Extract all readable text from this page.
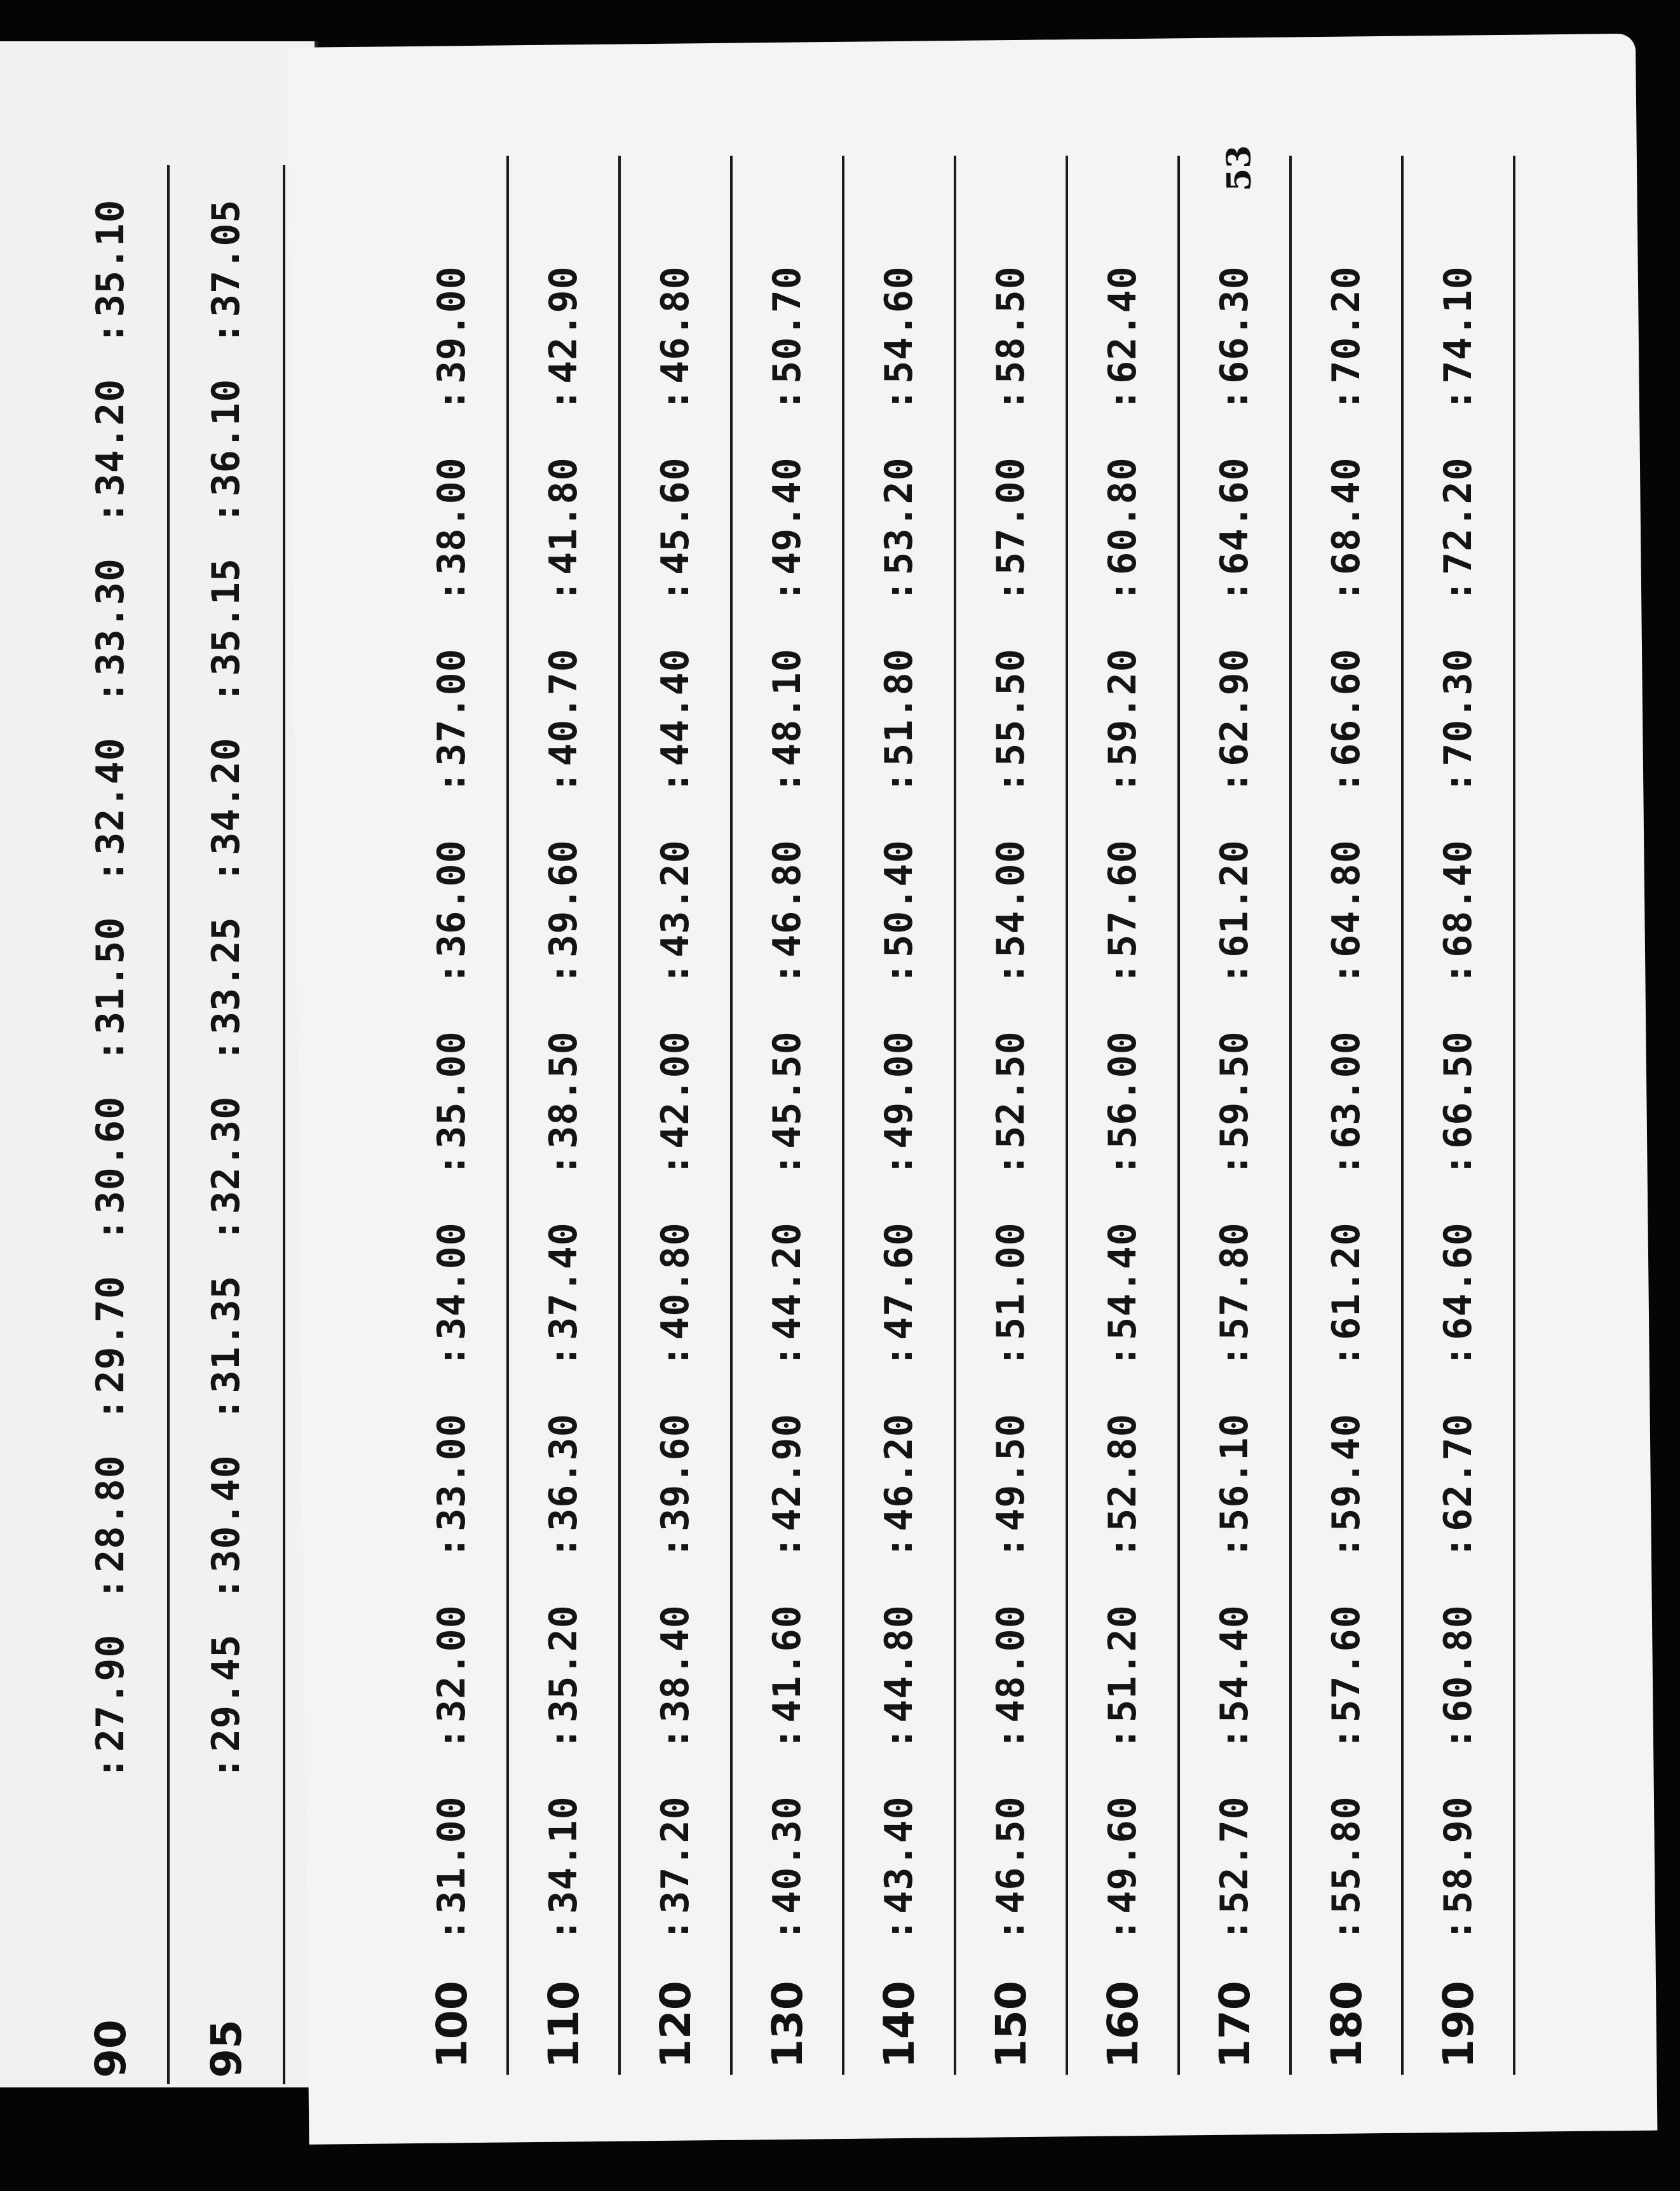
90
: 27.90
: 28.80
: 29.70
: 30.60
: 31.50
: 32.40
: 33.30
: 34.20
: 35.10
95
: 29.45
: 30.40
: 31.35
: 32.30
: 33.25
: 34.20
: 35.15
: 36.10
: 37.05
53
100
: 31.00
: 32.00
: 33.00
: 34.00
: 35.00
: 36.00
: 37.00
: 38.00
: 39.00
110
: 34.10
: 35.20
: 36.30
: 37.40
: 38.50
: 39.60
: 40.70
: 41.80
: 42.90
120
: 37.20
: 38.40
: 39.60
: 40.80
: 42.00
: 43.20
: 44.40
: 45.60
: 46.80
130
: 40.30
: 41.60
: 42.90
: 44.20
: 45.50
: 46.80
: 48.10
: 49.40
: 50.70
140
: 43.40
: 44.80
: 46.20
: 47.60
: 49.00
: 50.40
: 51.80
: 53.20
: 54.60
150
: 46.50
: 48.00
: 49.50
: 51.00
: 52.50
: 54.00
: 55.50
: 57.00
: 58.50
160
: 49.60
: 51.20
: 52.80
: 54.40
: 56.00
: 57.60
: 59.20
: 60.80
: 62.40
170
: 52.70
: 54.40
: 56.10
: 57.80
: 59.50
: 61.20
: 62.90
: 64.60
: 66.30
180
: 55.80
: 57.60
: 59.40
: 61.20
: 63.00
: 64.80
: 66.60
: 68.40
: 70.20
190
: 58.90
: 60.80
: 62.70
: 64.60
: 66.50
: 68.40
: 70.30
: 72.20
: 74.10
